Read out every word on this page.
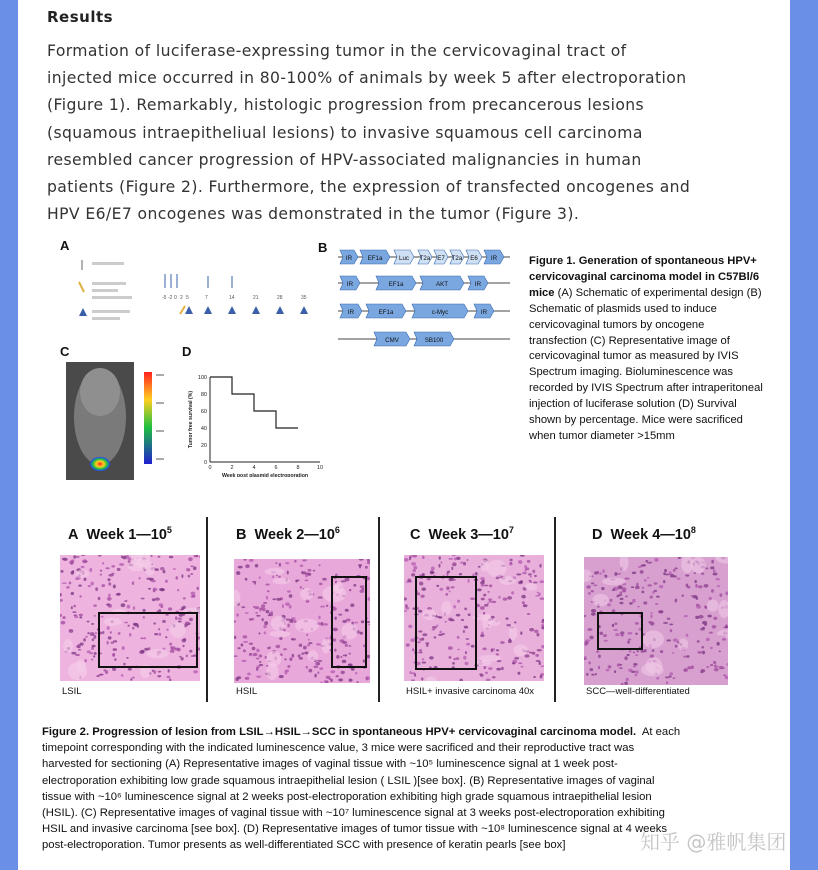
Results
Formation of luciferase-expressing tumor in the cervicovaginal tract of
injected mice occurred in 80-100% of animals by week 5 after electroporation
(Figure 1). Remarkably, histologic progression from precancerous lesions
(squamous intraepitheliual lesions) to invasive squamous cell carcinoma
resembled cancer progression of HPV-associated malignancies in human
patients (Figure 2). Furthermore, the expression of transfected oncogenes and
HPV E6/E7 oncogenes was demonstrated in the tumor (Figure 3).
A	B
C	D
-5 -2 0 2 5	7	14	21	28	35
IR	EF1a	Luc T2a E7 T2a E6 IR
IR	EF1a	AKT	IR
IR	EF1a	c-Myc	IR
CMV	SB100
0
20
40
60
80
100
0	2	4	6	8	10
Week post plasmid electroporation
Tumor free survival (%)
Figure 1. Generation of spontaneous HPV+ cervicovaginal carcinoma model in C57Bl/6 mice (A) Schematic of experimental design (B) Schematic of plasmids used to induce cervicovaginal tumors by oncogene transfection (C) Representative image of cervicovaginal tumor as measured by IVIS Spectrum imaging. Bioluminescence was recorded by IVIS Spectrum after intraperitoneal injection of luciferase solution (D) Survival shown by percentage. Mice were sacrificed when tumor diameter >15mm
A Week $1—10^5$
LSIL
B Week $2—10^6$
HSIL
C Week $3—10^7$
HSIL+ invasive carcinoma 40x
D Week $4—10^8$
SCC—well-differentiated
Figure 2. Progression of lesion from LSIL→HSIL→SCC in spontaneous HPV+ cervicovaginal carcinoma model. At each
timepoint corresponding with the indicated luminescence value, 3 mice were sacrificed and their reproductive tract was
harvested for sectioning (A) Representative images of vaginal tissue with ~10⁵ luminescence signal at 1 week post-
electroporation exhibiting low grade squamous intraepithelial lesion ( LSIL )[see box]. (B) Representative images of vaginal
tissue with ~10⁶ luminescence signal at 2 weeks post-electroporation exhibiting high grade squamous intraepithelial lesion
(HSIL). (C) Representative images of vaginal tissue with ~10⁷ luminescence signal at 3 weeks post-electroporation exhibiting
HSIL and invasive carcinoma [see box]. (D) Representative images of tumor tissue with ~10⁸ luminescence signal at 4 weeks
post-electroporation. Tumor presents as well-differentiated SCC with presence of keratin pearls [see box]	知乎 @雅帆集团
